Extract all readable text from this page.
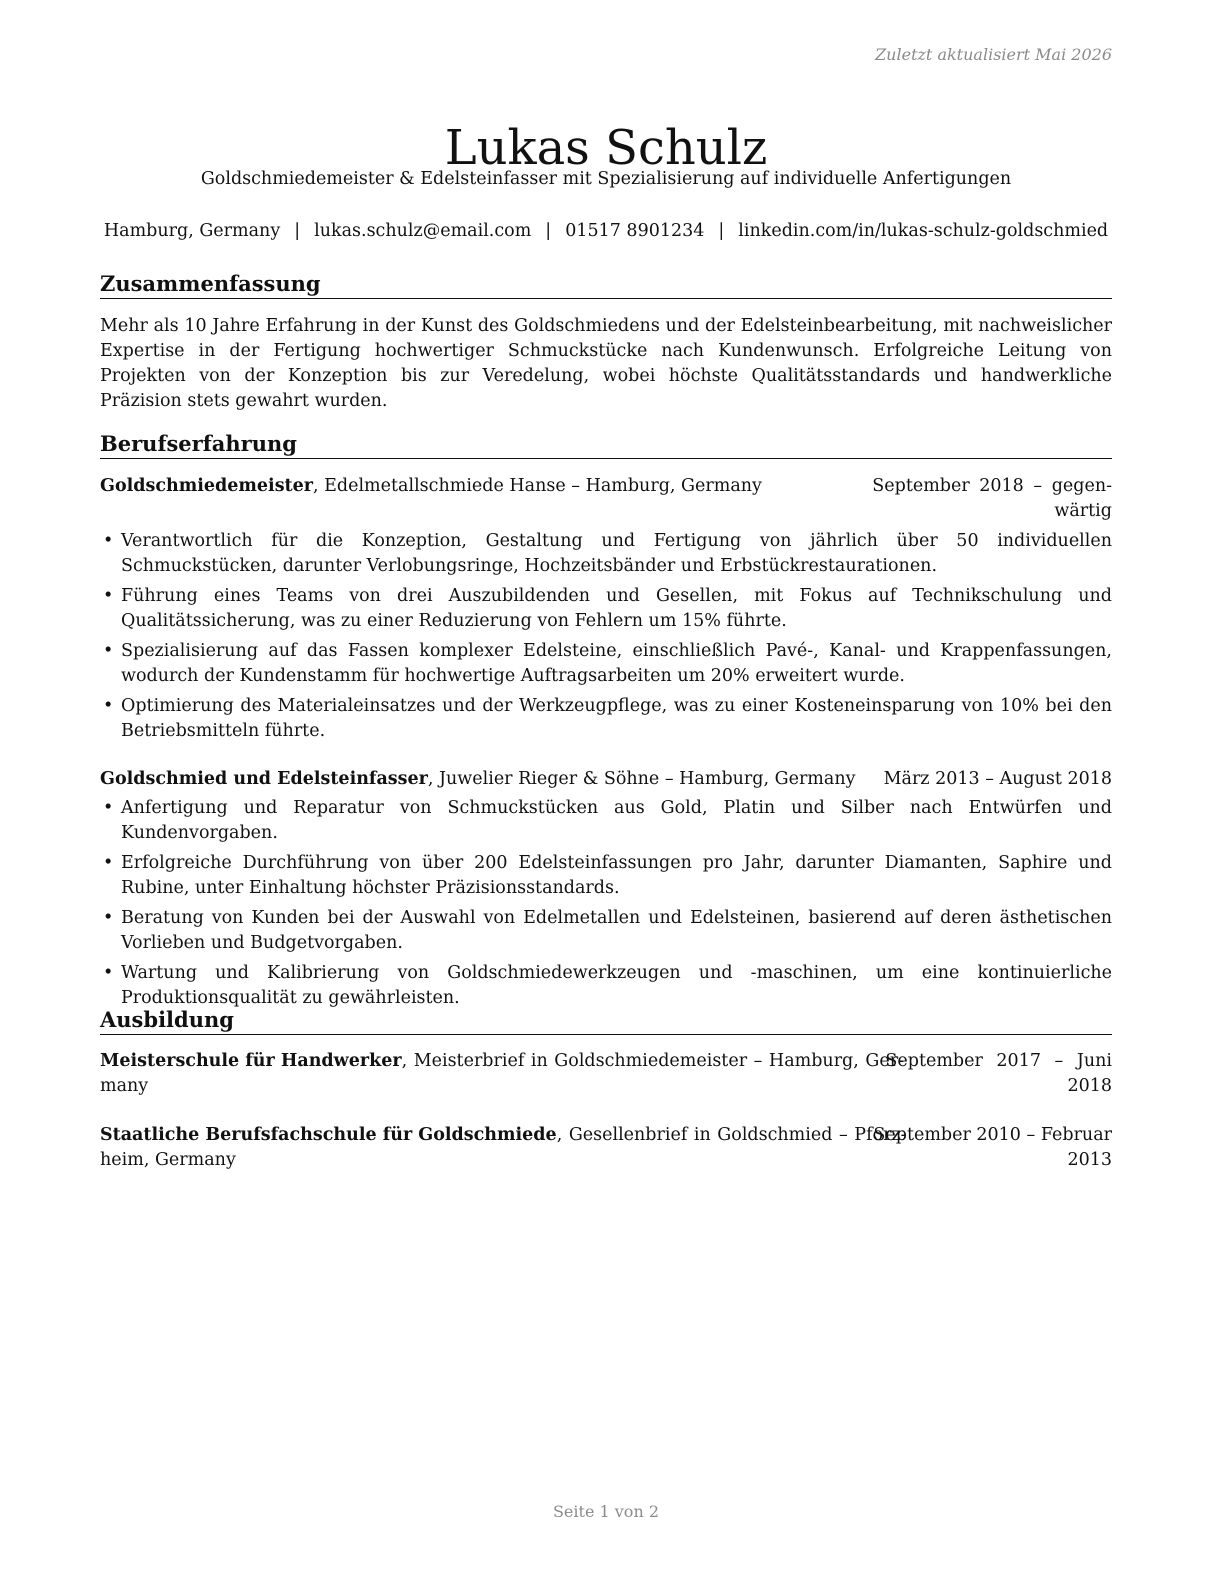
Zuletzt aktualisiert Mai 2026
Lukas Schulz
Goldschmiedemeister & Edelsteinfasser mit Spezialisierung auf individuelle Anfertigungen
Hamburg, Germany | lukas.schulz@email.com | 01517 8901234 | linkedin.com/in/lukas-schulz-goldschmied
Zusammenfassung
Mehr als 10 Jahre Erfahrung in der Kunst des Goldschmiedens und der Edelsteinbearbeitung, mit nachweislicher Expertise in der Fertigung hochwertiger Schmuckstücke nach Kundenwunsch. Erfolgreiche Leitung von Projekten von der Konzeption bis zur Veredelung, wobei höchste Qualitätsstandards und handwerkliche Präzision stets gewahrt wurden.
Berufserfahrung
Goldschmiedemeister, Edelmetallschmiede Hanse – Hamburg, Germany	September 2018 – gegen-
wärtig
• Verantwortlich für die Konzeption, Gestaltung und Fertigung von jährlich über 50 individuellen Schmuckstücken, darunter Verlobungsringe, Hochzeitsbänder und Erbstückrestaurationen.
• Führung eines Teams von drei Auszubildenden und Gesellen, mit Fokus auf Technikschulung und Qualitätssicherung, was zu einer Reduzierung von Fehlern um 15% führte.
• Spezialisierung auf das Fassen komplexer Edelsteine, einschließlich Pavé-, Kanal- und Krappenfassungen, wodurch der Kundenstamm für hochwertige Auftragsarbeiten um 20% erweitert wurde.
• Optimierung des Materialeinsatzes und der Werkzeugpflege, was zu einer Kosteneinsparung von 10% bei den Betriebsmitteln führte.
Goldschmied und Edelsteinfasser, Juwelier Rieger & Söhne – Hamburg, Germany März 2013 – August 2018
• Anfertigung und Reparatur von Schmuckstücken aus Gold, Platin und Silber nach Entwürfen und Kundenvorgaben.
• Erfolgreiche Durchführung von über 200 Edelsteinfassungen pro Jahr, darunter Diamanten, Saphire und Rubine, unter Einhaltung höchster Präzisionsstandards.
• Beratung von Kunden bei der Auswahl von Edelmetallen und Edelsteinen, basierend auf deren ästhetischen Vorlieben und Budgetvorgaben.
• Wartung und Kalibrierung von Goldschmiedewerkzeugen und -maschinen, um eine kontinuierliche Produktionsqualität zu gewährleisten.
Ausbildung
Meisterschule für Handwerker, Meisterbrief in Goldschmiedemeister – Hamburg, Ger-
many
September 2017 – Juni
2018
Staatliche Berufsfachschule für Goldschmiede, Gesellenbrief in Goldschmied – Pforz-
heim, Germany
September 2010 – Februar
2013
Seite 1 von 2
